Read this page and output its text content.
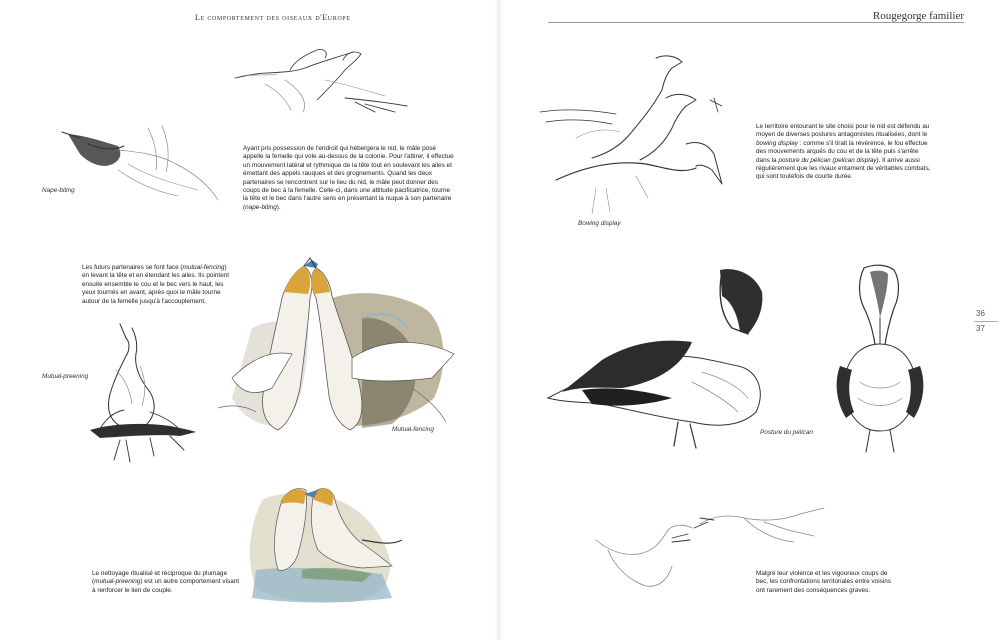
Le comportement des oiseaux d'Europe	Rougegorge familier
36
37
Nape-biting
Ayant pris possession de l'endroit qui hébergera le nid, le mâle posé appelle la femelle qui vole au-dessus de la colonie. Pour l'attirer, il effectue un mouvement latéral et rythmique de la tête tout en soulevant les ailes et émettant des appels rauques et des grognements. Quand les deux partenaires se rencontrent sur le lieu du nid, le mâle peut donner des coups de bec à la femelle. Celle-ci, dans une attitude pacificatrice, tourne la tête et le bec dans l'autre sens en présentant la nuque à son partenaire (nape-biting).
Les futurs partenaires se font face (mutual-fencing) en levant la tête et en étendant les ailes. Ils pointent ensuite ensemble le cou et le bec vers le haut, les yeux tournés en avant, après quoi le mâle tourne autour de la femelle jusqu'à l'accouplement.
Mutual-preening
Mutual-fencing
Le nettoyage ritualisé et réciproque du plumage (mutual-preening) est un autre comportement visant à renforcer le lien de couple.
Bowing display
Le territoire entourant le site choisi pour le nid est défendu au moyen de diverses postures antagonistes ritualisées, dont le bowing display : comme s'il tirait la révérence, le fou effectue des mouvements arqués du cou et de la tête puis s'arrête dans la posture du pélican (pelican display). Il arrive aussi régulièrement que les rivaux entament de véritables combats, qui sont toutefois de courte durée.
Posture du pélican
Malgré leur violence et les vigoureux coups de bec, les confrontations territoriales entre voisins ont rarement des conséquences graves.
